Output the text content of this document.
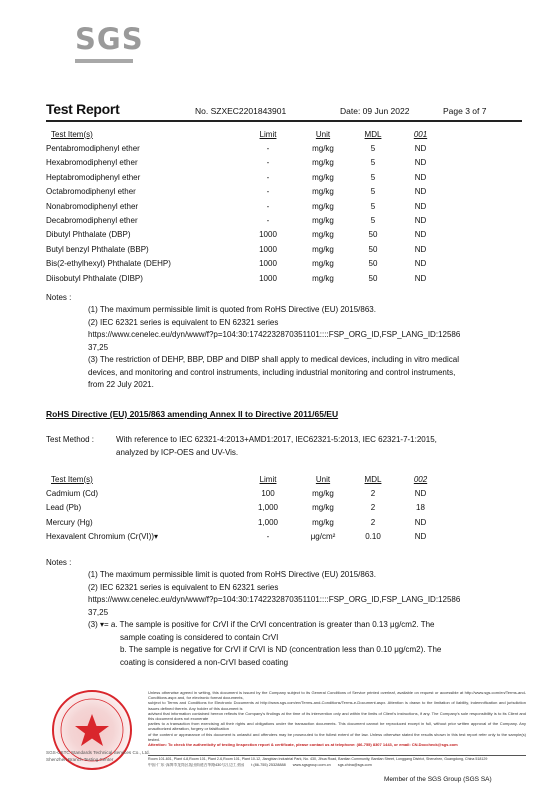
SGS
Test Report	No. SZXEC2201843901	Date: 09 Jun 2022	Page 3 of 7
Test Item(s)	Limit	Unit	MDL	001
Pentabromodiphenyl ether	-	mg/kg	5	ND
Hexabromodiphenyl ether	-	mg/kg	5	ND
Heptabromodiphenyl ether	-	mg/kg	5	ND
Octabromodiphenyl ether	-	mg/kg	5	ND
Nonabromodiphenyl ether	-	mg/kg	5	ND
Decabromodiphenyl ether	-	mg/kg	5	ND
Dibutyl Phthalate (DBP)	1000	mg/kg	50	ND
Butyl benzyl Phthalate (BBP)	1000	mg/kg	50	ND
Bis(2-ethylhexyl) Phthalate (DEHP)	1000	mg/kg	50	ND
Diisobutyl Phthalate (DIBP)	1000	mg/kg	50	ND
Notes :
(1) The maximum permissible limit is quoted from RoHS Directive (EU) 2015/863.
(2) IEC 62321 series is equivalent to EN 62321 series
https://www.cenelec.eu/dyn/www/f?p=104:30:1742232870351101::::FSP_ORG_ID,FSP_LANG_ID:12586
37,25
(3) The restriction of DEHP, BBP, DBP and DIBP shall apply to medical devices, including in vitro medical
devices, and monitoring and control instruments, including industrial monitoring and control instruments,
from 22 July 2021.
RoHS Directive (EU) 2015/863 amending Annex II to Directive 2011/65/EU
Test Method :	With reference to IEC 62321-4:2013+AMD1:2017, IEC62321-5:2013, IEC 62321-7-1:2015,
analyzed by ICP-OES and UV-Vis.
Test Item(s)	Limit	Unit	MDL	002
Cadmium (Cd)	100	mg/kg	2	ND
Lead (Pb)	1,000	mg/kg	2	18
Mercury (Hg)	1,000	mg/kg	2	ND
Hexavalent Chromium (Cr(VI))▾	-	μg/cm²	0.10	ND
Notes :
(1) The maximum permissible limit is quoted from RoHS Directive (EU) 2015/863.
(2) IEC 62321 series is equivalent to EN 62321 series
https://www.cenelec.eu/dyn/www/f?p=104:30:1742232870351101::::FSP_ORG_ID,FSP_LANG_ID:12586
37,25
(3) ▾= a. The sample is positive for CrVI if the CrVI concentration is greater than 0.13 μg/cm2. The
sample coating is considered to contain CrVI
b. The sample is negative for CrVI if CrVI is ND (concentration less than 0.10 μg/cm2). The
coating is considered a non-CrVI based coating
SGS-CSTC Standards Technical Services Co., Ltd.
Shenzhen Branch Testing Center
Unless otherwise agreed in writing, this document is issued by the Company subject to its General Conditions of Service printed overleaf, available on request or accessible at http://www.sgs.com/en/Terms-and-Conditions.aspx and, for electronic format documents,
subject to Terms and Conditions for Electronic Documents at http://www.sgs.com/en/Terms-and-Conditions/Terms-e-Document.aspx. Attention is drawn to the limitation of liability, indemnification and jurisdiction issues defined therein. Any holder of this document is
advised that information contained hereon reflects the Company's findings at the time of its intervention only and within the limits of Client's instructions, if any. The Company's sole responsibility is to its Client and this document does not exonerate
parties to a transaction from exercising all their rights and obligations under the transaction documents. This document cannot be reproduced except in full, without prior written approval of the Company. Any unauthorized alteration, forgery or falsification
of the content or appearance of this document is unlawful and offenders may be prosecuted to the fullest extent of the law. Unless otherwise stated the results shown in this test report refer only to the sample(s) tested.
Attention: To check the authenticity of testing /inspection report & certificate, please contact us at telephone: (86-755) 8307 1443, or email: CN.Doccheck@sgs.com
Room 101-601, Plant 4-8,Room 101, Plant 2-6,Room 101, Plant 10-12, Jiangbian Industrial Park, No. 430, Jihua Road, Bantian Community, Bantian Street, Longgang District, Shenzhen, Guangdong, China 518129
中国·广东·深圳市龙岗区坂田街道吉华路430号江边工业园 t (86-755) 25328888 www.sgsgroup.com.cn sgs.china@sgs.com
Member of the SGS Group (SGS SA)
